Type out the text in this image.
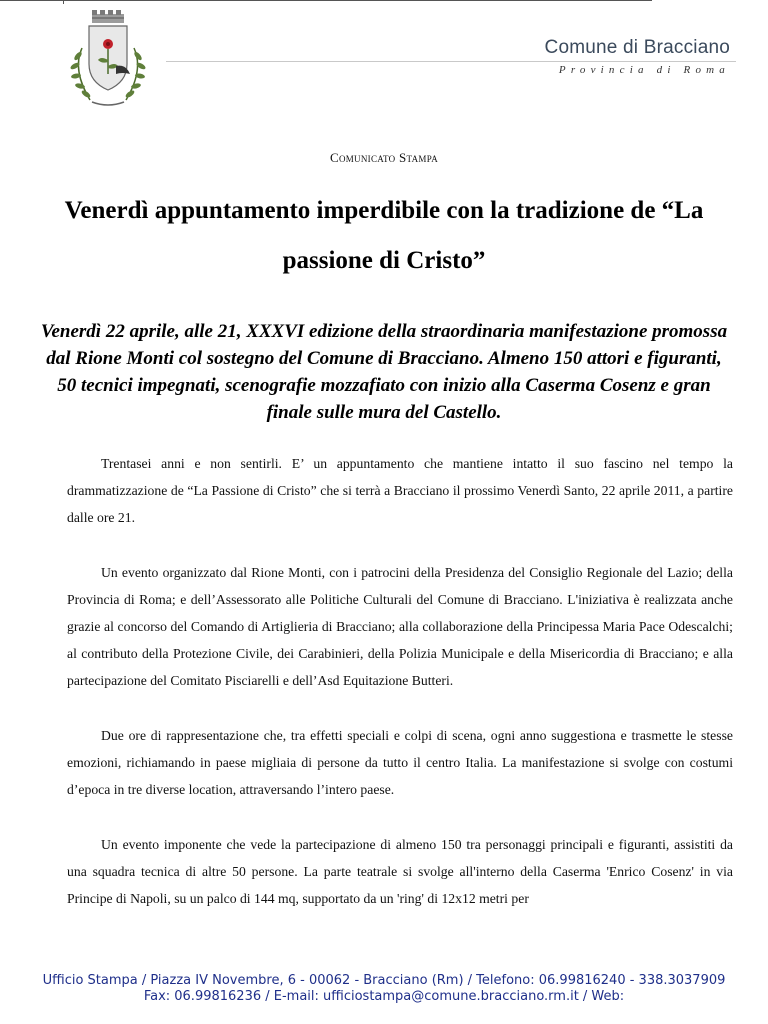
Comune di Bracciano
Provincia di Roma
Comunicato Stampa
Venerdì appuntamento imperdibile con la tradizione de “La passione di Cristo”
Venerdì 22 aprile, alle 21, XXXVI edizione della straordinaria manifestazione promossa dal Rione Monti col sostegno del Comune di Bracciano. Almeno 150 attori e figuranti, 50 tecnici impegnati, scenografie mozzafiato con inizio alla Caserma Cosenz e gran finale sulle mura del Castello.

Trentasei anni e non sentirli. E’ un appuntamento che mantiene intatto il suo fascino nel tempo la drammatizzazione de “La Passione di Cristo” che si terrà a Bracciano il prossimo Venerdì Santo, 22 aprile 2011, a partire dalle ore 21.

Un evento organizzato dal Rione Monti, con i patrocini della Presidenza del Consiglio Regionale del Lazio; della Provincia di Roma; e dell’Assessorato alle Politiche Culturali del Comune di Bracciano. L'iniziativa è realizzata anche grazie al concorso del Comando di Artiglieria di Bracciano; alla collaborazione della Principessa Maria Pace Odescalchi; al contributo della Protezione Civile, dei Carabinieri, della Polizia Municipale e della Misericordia di Bracciano; e alla partecipazione del Comitato Pisciarelli e dell’Asd Equitazione Butteri.

Due ore di rappresentazione che, tra effetti speciali e colpi di scena, ogni anno suggestiona e trasmette le stesse emozioni, richiamando in paese migliaia di persone da tutto il centro Italia. La manifestazione si svolge con costumi d’epoca in tre diverse location, attraversando l’intero paese.

Un evento imponente che vede la partecipazione di almeno 150 tra personaggi principali e figuranti, assistiti da una squadra tecnica di altre 50 persone. La parte teatrale si svolge all'interno della Caserma 'Enrico Cosenz' in via Principe di Napoli, su un palco di 144 mq, supportato da un 'ring' di 12x12 metri per

Ufficio Stampa / Piazza IV Novembre, 6 - 00062 - Bracciano (Rm) / Telefono: 06.99816240 - 338.3037909
Fax: 06.99816236 / E-mail: ufficiostampa@comune.bracciano.rm.it / Web:
